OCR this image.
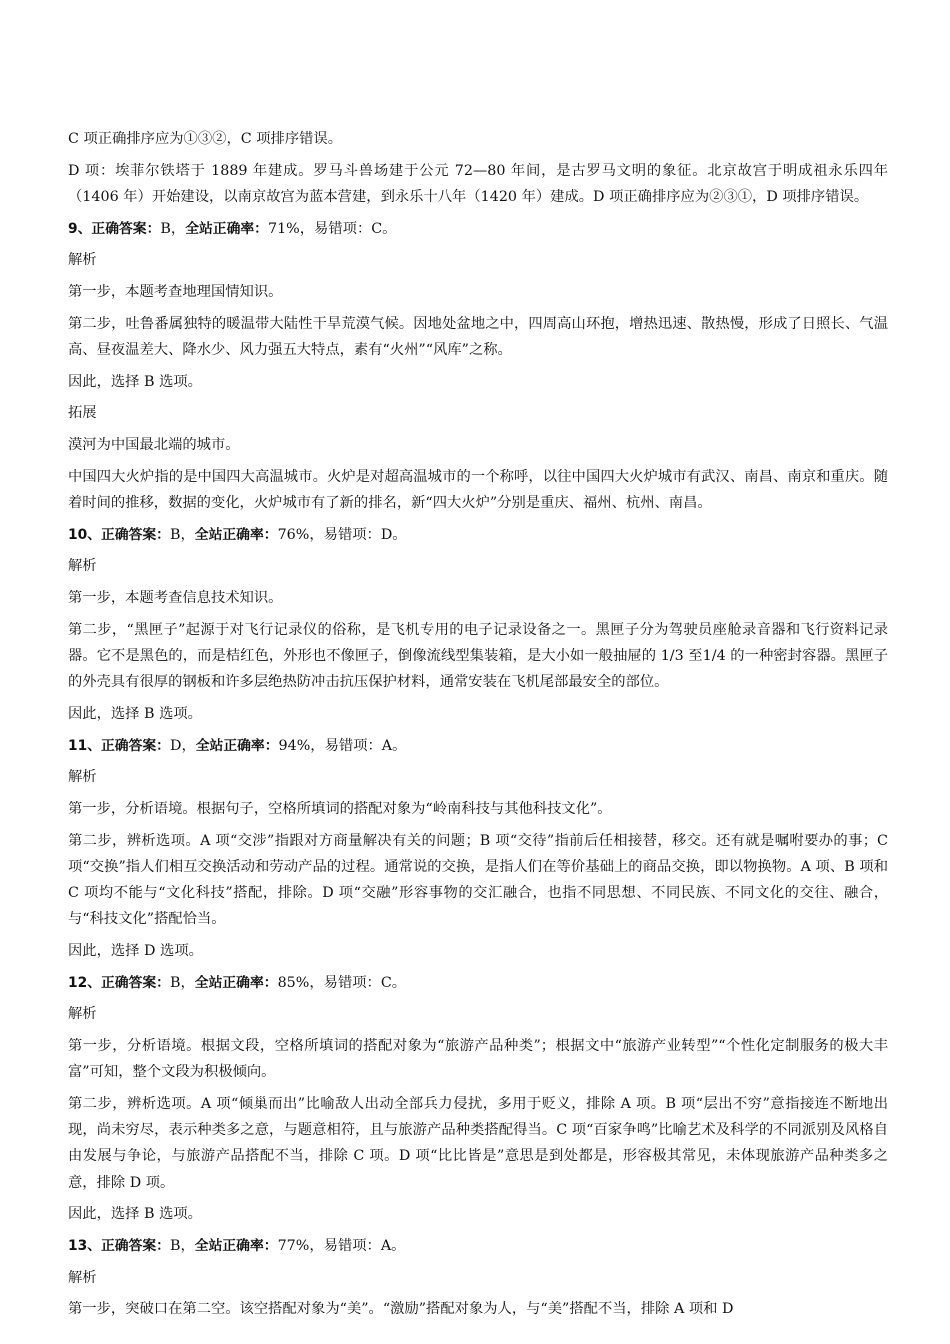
C 项正确排序应为①③②，C 项排序错误。

D 项：埃菲尔铁塔于 1889 年建成。罗马斗兽场建于公元 72—80 年间，是古罗马文明的象征。北京故宫于明成祖永乐四年（1406 年）开始建设，以南京故宫为蓝本营建，到永乐十八年（1420 年）建成。D 项正确排序应为②③①，D 项排序错误。

9、正确答案：B，全站正确率：71%，易错项：C。

解析

第一步，本题考查地理国情知识。

第二步，吐鲁番属独特的暖温带大陆性干旱荒漠气候。因地处盆地之中，四周高山环抱，增热迅速、散热慢，形成了日照长、气温高、昼夜温差大、降水少、风力强五大特点，素有“火州”“风库”之称。

因此，选择 B 选项。

拓展

漠河为中国最北端的城市。

中国四大火炉指的是中国四大高温城市。火炉是对超高温城市的一个称呼，以往中国四大火炉城市有武汉、南昌、南京和重庆。随着时间的推移，数据的变化，火炉城市有了新的排名，新“四大火炉”分别是重庆、福州、杭州、南昌。

10、正确答案：B，全站正确率：76%，易错项：D。

解析

第一步，本题考查信息技术知识。

第二步，“黑匣子”起源于对飞行记录仪的俗称，是飞机专用的电子记录设备之一。黑匣子分为驾驶员座舱录音器和飞行资料记录器。它不是黑色的，而是桔红色，外形也不像匣子，倒像流线型集装箱，是大小如一般抽屉的 1/3 至1/4 的一种密封容器。黑匣子的外壳具有很厚的钢板和许多层绝热防冲击抗压保护材料，通常安装在飞机尾部最安全的部位。

因此，选择 B 选项。

11、正确答案：D，全站正确率：94%，易错项：A。

解析

第一步，分析语境。根据句子，空格所填词的搭配对象为“岭南科技与其他科技文化”。

第二步，辨析选项。A 项“交涉”指跟对方商量解决有关的问题；B 项“交待”指前后任相接替，移交。还有就是嘱咐要办的事；C 项“交换”指人们相互交换活动和劳动产品的过程。通常说的交换，是指人们在等价基础上的商品交换，即以物换物。A 项、B 项和C 项均不能与“文化科技”搭配，排除。D 项“交融”形容事物的交汇融合，也指不同思想、不同民族、不同文化的交往、融合，与“科技文化”搭配恰当。

因此，选择 D 选项。

12、正确答案：B，全站正确率：85%，易错项：C。

解析

第一步，分析语境。根据文段，空格所填词的搭配对象为“旅游产品种类”；根据文中“旅游产业转型”“个性化定制服务的极大丰富”可知，整个文段为积极倾向。

第二步，辨析选项。A 项“倾巢而出”比喻敌人出动全部兵力侵扰，多用于贬义，排除 A 项。B 项“层出不穷”意指接连不断地出现，尚未穷尽，表示种类多之意，与题意相符，且与旅游产品种类搭配得当。C 项“百家争鸣”比喻艺术及科学的不同派别及风格自由发展与争论，与旅游产品搭配不当，排除 C 项。D 项“比比皆是”意思是到处都是，形容极其常见，未体现旅游产品种类多之意，排除 D 项。

因此，选择 B 选项。

13、正确答案：B，全站正确率：77%，易错项：A。

解析

第一步，突破口在第二空。该空搭配对象为“美”。“激励”搭配对象为人，与“美”搭配不当，排除 A 项和 D
